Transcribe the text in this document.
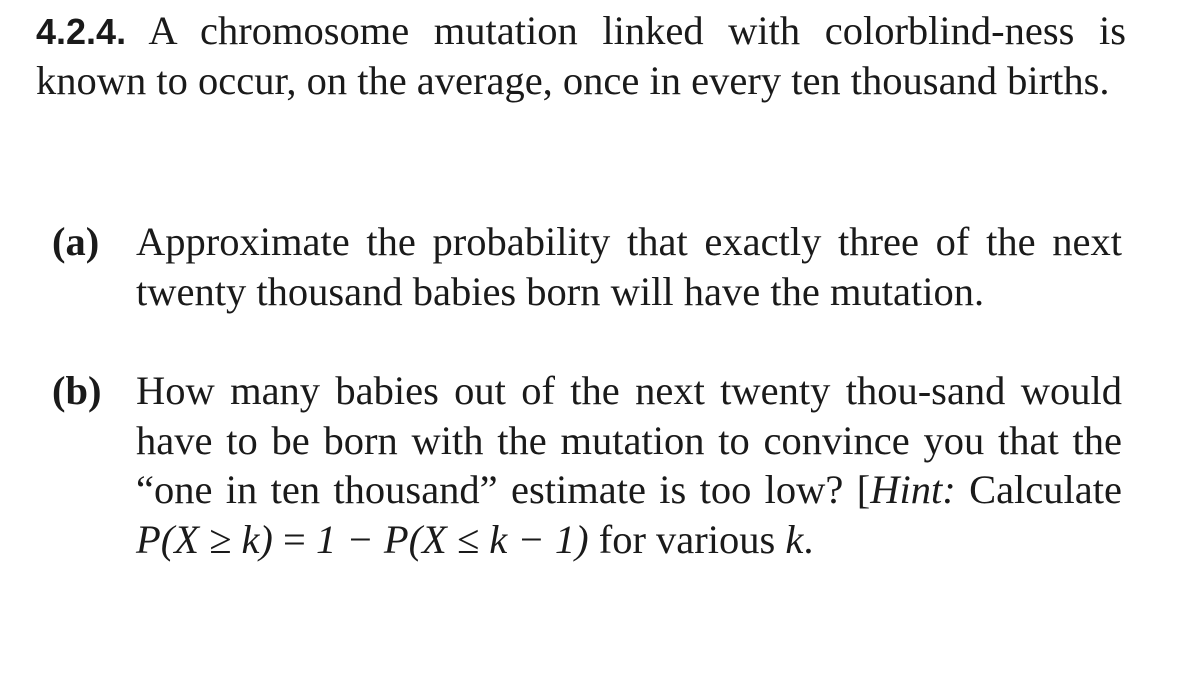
4.2.4. A chromosome mutation linked with colorblind-ness is known to occur, on the average, once in every ten thousand births.
(a) Approximate the probability that exactly three of the next twenty thousand babies born will have the mutation.
(b) How many babies out of the next twenty thou-sand would have to be born with the mutation to convince you that the “one in ten thousand” estimate is too low? [Hint: Calculate P(X ≥ k) = 1 − P(X ≤ k − 1) for various k.
